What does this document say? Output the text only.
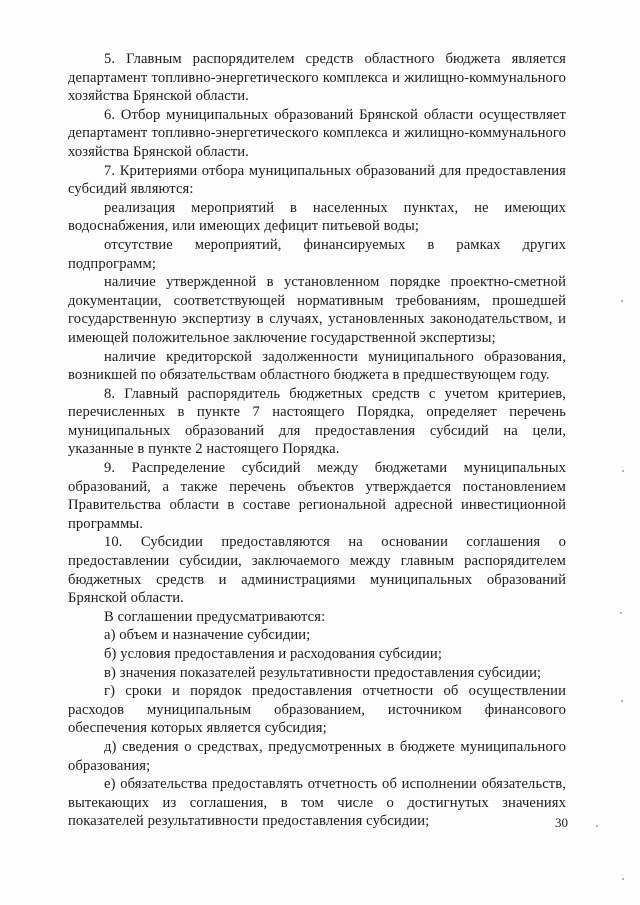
5. Главным распорядителем средств областного бюджета является департамент топливно-энергетического комплекса и жилищно-коммунального хозяйства Брянской области.

6. Отбор муниципальных образований Брянской области осуществляет департамент топливно-энергетического комплекса и жилищно-коммунального хозяйства Брянской области.

7. Критериями отбора муниципальных образований для предоставления субсидий являются:

реализация мероприятий в населенных пунктах, не имеющих водоснабжения, или имеющих дефицит питьевой воды;

отсутствие мероприятий, финансируемых в рамках других подпрограмм;

наличие утвержденной в установленном порядке проектно-сметной документации, соответствующей нормативным требованиям, прошедшей государственную экспертизу в случаях, установленных законодательством, и имеющей положительное заключение государственной экспертизы;

наличие кредиторской задолженности муниципального образования, возникшей по обязательствам областного бюджета в предшествующем году.

8. Главный распорядитель бюджетных средств с учетом критериев, перечисленных в пункте 7 настоящего Порядка, определяет перечень муниципальных образований для предоставления субсидий на цели, указанные в пункте 2 настоящего Порядка.

9. Распределение субсидий между бюджетами муниципальных образований, а также перечень объектов утверждается постановлением Правительства области в составе региональной адресной инвестиционной программы.

10. Субсидии предоставляются на основании соглашения о предоставлении субсидии, заключаемого между главным распорядителем бюджетных средств и администрациями муниципальных образований Брянской области.

В соглашении предусматриваются:

а) объем и назначение субсидии;

б) условия предоставления и расходования субсидии;

в) значения показателей результативности предоставления субсидии;

г) сроки и порядок предоставления отчетности об осуществлении расходов муниципальным образованием, источником финансового обеспечения которых является субсидия;

д) сведения о средствах, предусмотренных в бюджете муниципального образования;

е) обязательства предоставлять отчетность об исполнении обязательств, вытекающих из соглашения, в том числе о достигнутых значениях показателей результативности предоставления субсидии;	30
